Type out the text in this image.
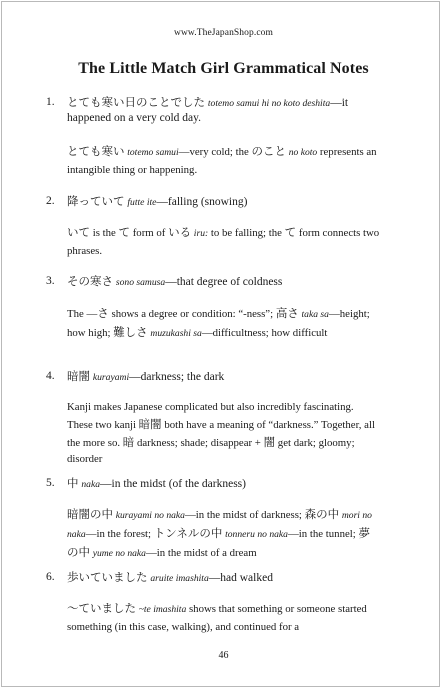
www.TheJapanShop.com
The Little Match Girl Grammatical Notes
1. とても寒い日のことでした totemo samui hi no koto deshita—it happened on a very cold day.
とても寒い totemo samui—very cold; the のこと no koto represents an intangible thing or happening.
2. 降っていて futte ite—falling (snowing)
いて is the て form of いる iru: to be falling; the て form connects two phrases.
3. その寒さ sono samusa—that degree of coldness
The —さ shows a degree or condition: “-ness”; 高さ taka sa—height; how high; 難しさ muzukashi sa—difficultness; how difficult
4. 暗闇 kurayami—darkness; the dark
Kanji makes Japanese complicated but also incredibly fascinating. These two kanji 暗闇 both have a meaning of “darkness.” Together, all the more so. 暗 darkness; shade; disappear + 闇 get dark; gloomy; disorder
5. 中 naka—in the midst (of the darkness)
暗闇の中 kurayami no naka—in the midst of darkness; 森の中 mori no naka—in the forest; トンネルの中 tonneru no naka—in the tunnel; 夢の中 yume no naka—in the midst of a dream
6. 歩いていました aruite imashita—had walked
〜ていました ~te imashita shows that something or someone started something (in this case, walking), and continued for a
46
